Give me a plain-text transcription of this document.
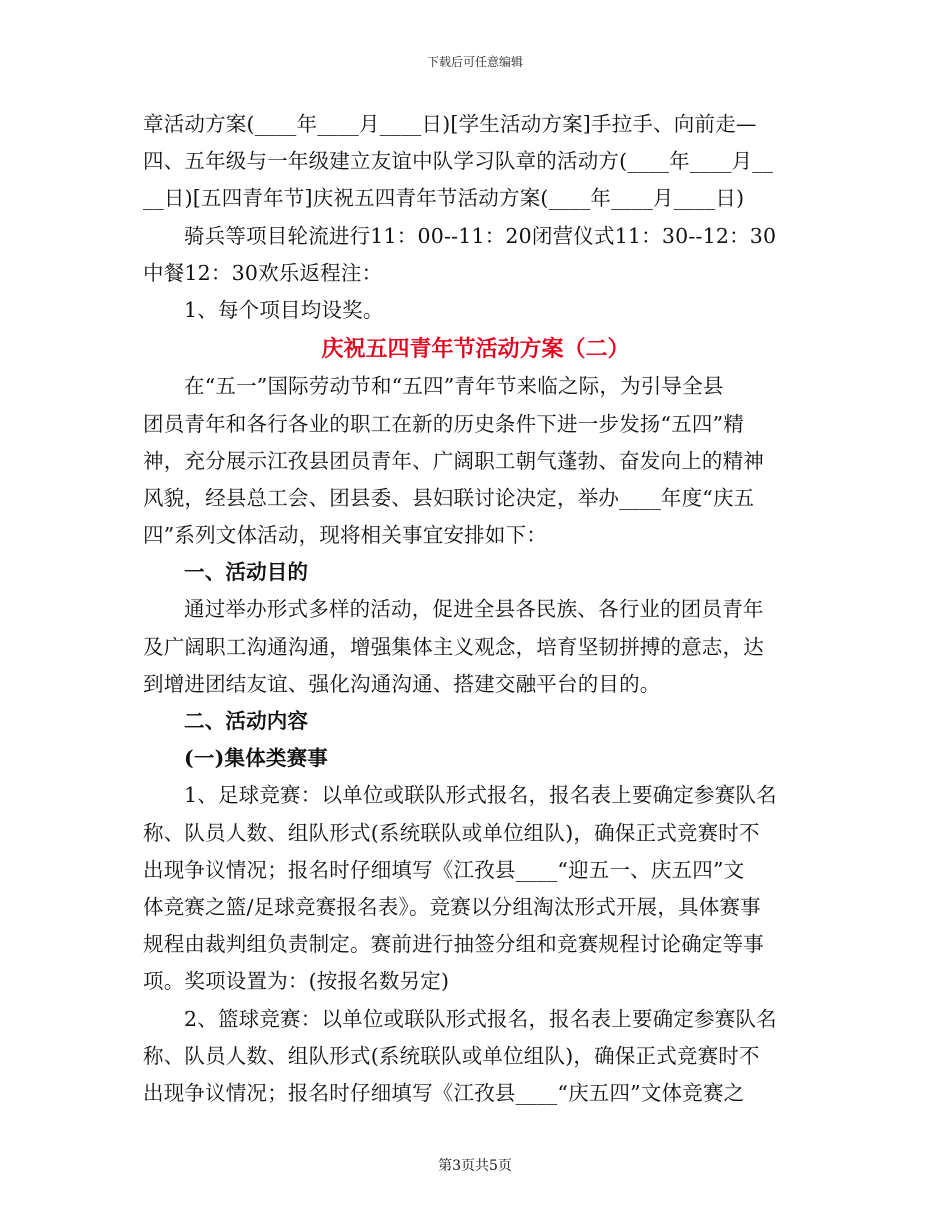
下载后可任意编辑
章活动方案(____年____月____日)[学生活动方案]手拉手、向前走—
四、五年级与一年级建立友谊中队学习队章的活动方(____年____月__
__日)[五四青年节]庆祝五四青年节活动方案(____年____月____日)
骑兵等项目轮流进行11：00--11：20闭营仪式11：30--12：30
中餐12：30欢乐返程注：
1、每个项目均设奖。
庆祝五四青年节活动方案（二）
在“五一”国际劳动节和“五四”青年节来临之际，为引导全县
团员青年和各行各业的职工在新的历史条件下进一步发扬“五四”精
神，充分展示江孜县团员青年、广阔职工朝气蓬勃、奋发向上的精神
风貌，经县总工会、团县委、县妇联讨论决定，举办____年度“庆五
四”系列文体活动，现将相关事宜安排如下：
一、活动目的
通过举办形式多样的活动，促进全县各民族、各行业的团员青年
及广阔职工沟通沟通，增强集体主义观念，培育坚韧拼搏的意志，达
到增进团结友谊、强化沟通沟通、搭建交融平台的目的。
二、活动内容
(一)集体类赛事
1、足球竞赛：以单位或联队形式报名，报名表上要确定参赛队名
称、队员人数、组队形式(系统联队或单位组队)，确保正式竞赛时不
出现争议情况；报名时仔细填写《江孜县____“迎五一、庆五四”文
体竞赛之篮/足球竞赛报名表》。竞赛以分组淘汰形式开展，具体赛事
规程由裁判组负责制定。赛前进行抽签分组和竞赛规程讨论确定等事
项。奖项设置为：(按报名数另定)
2、篮球竞赛：以单位或联队形式报名，报名表上要确定参赛队名
称、队员人数、组队形式(系统联队或单位组队)，确保正式竞赛时不
出现争议情况；报名时仔细填写《江孜县____“庆五四”文体竞赛之
第3页共5页
